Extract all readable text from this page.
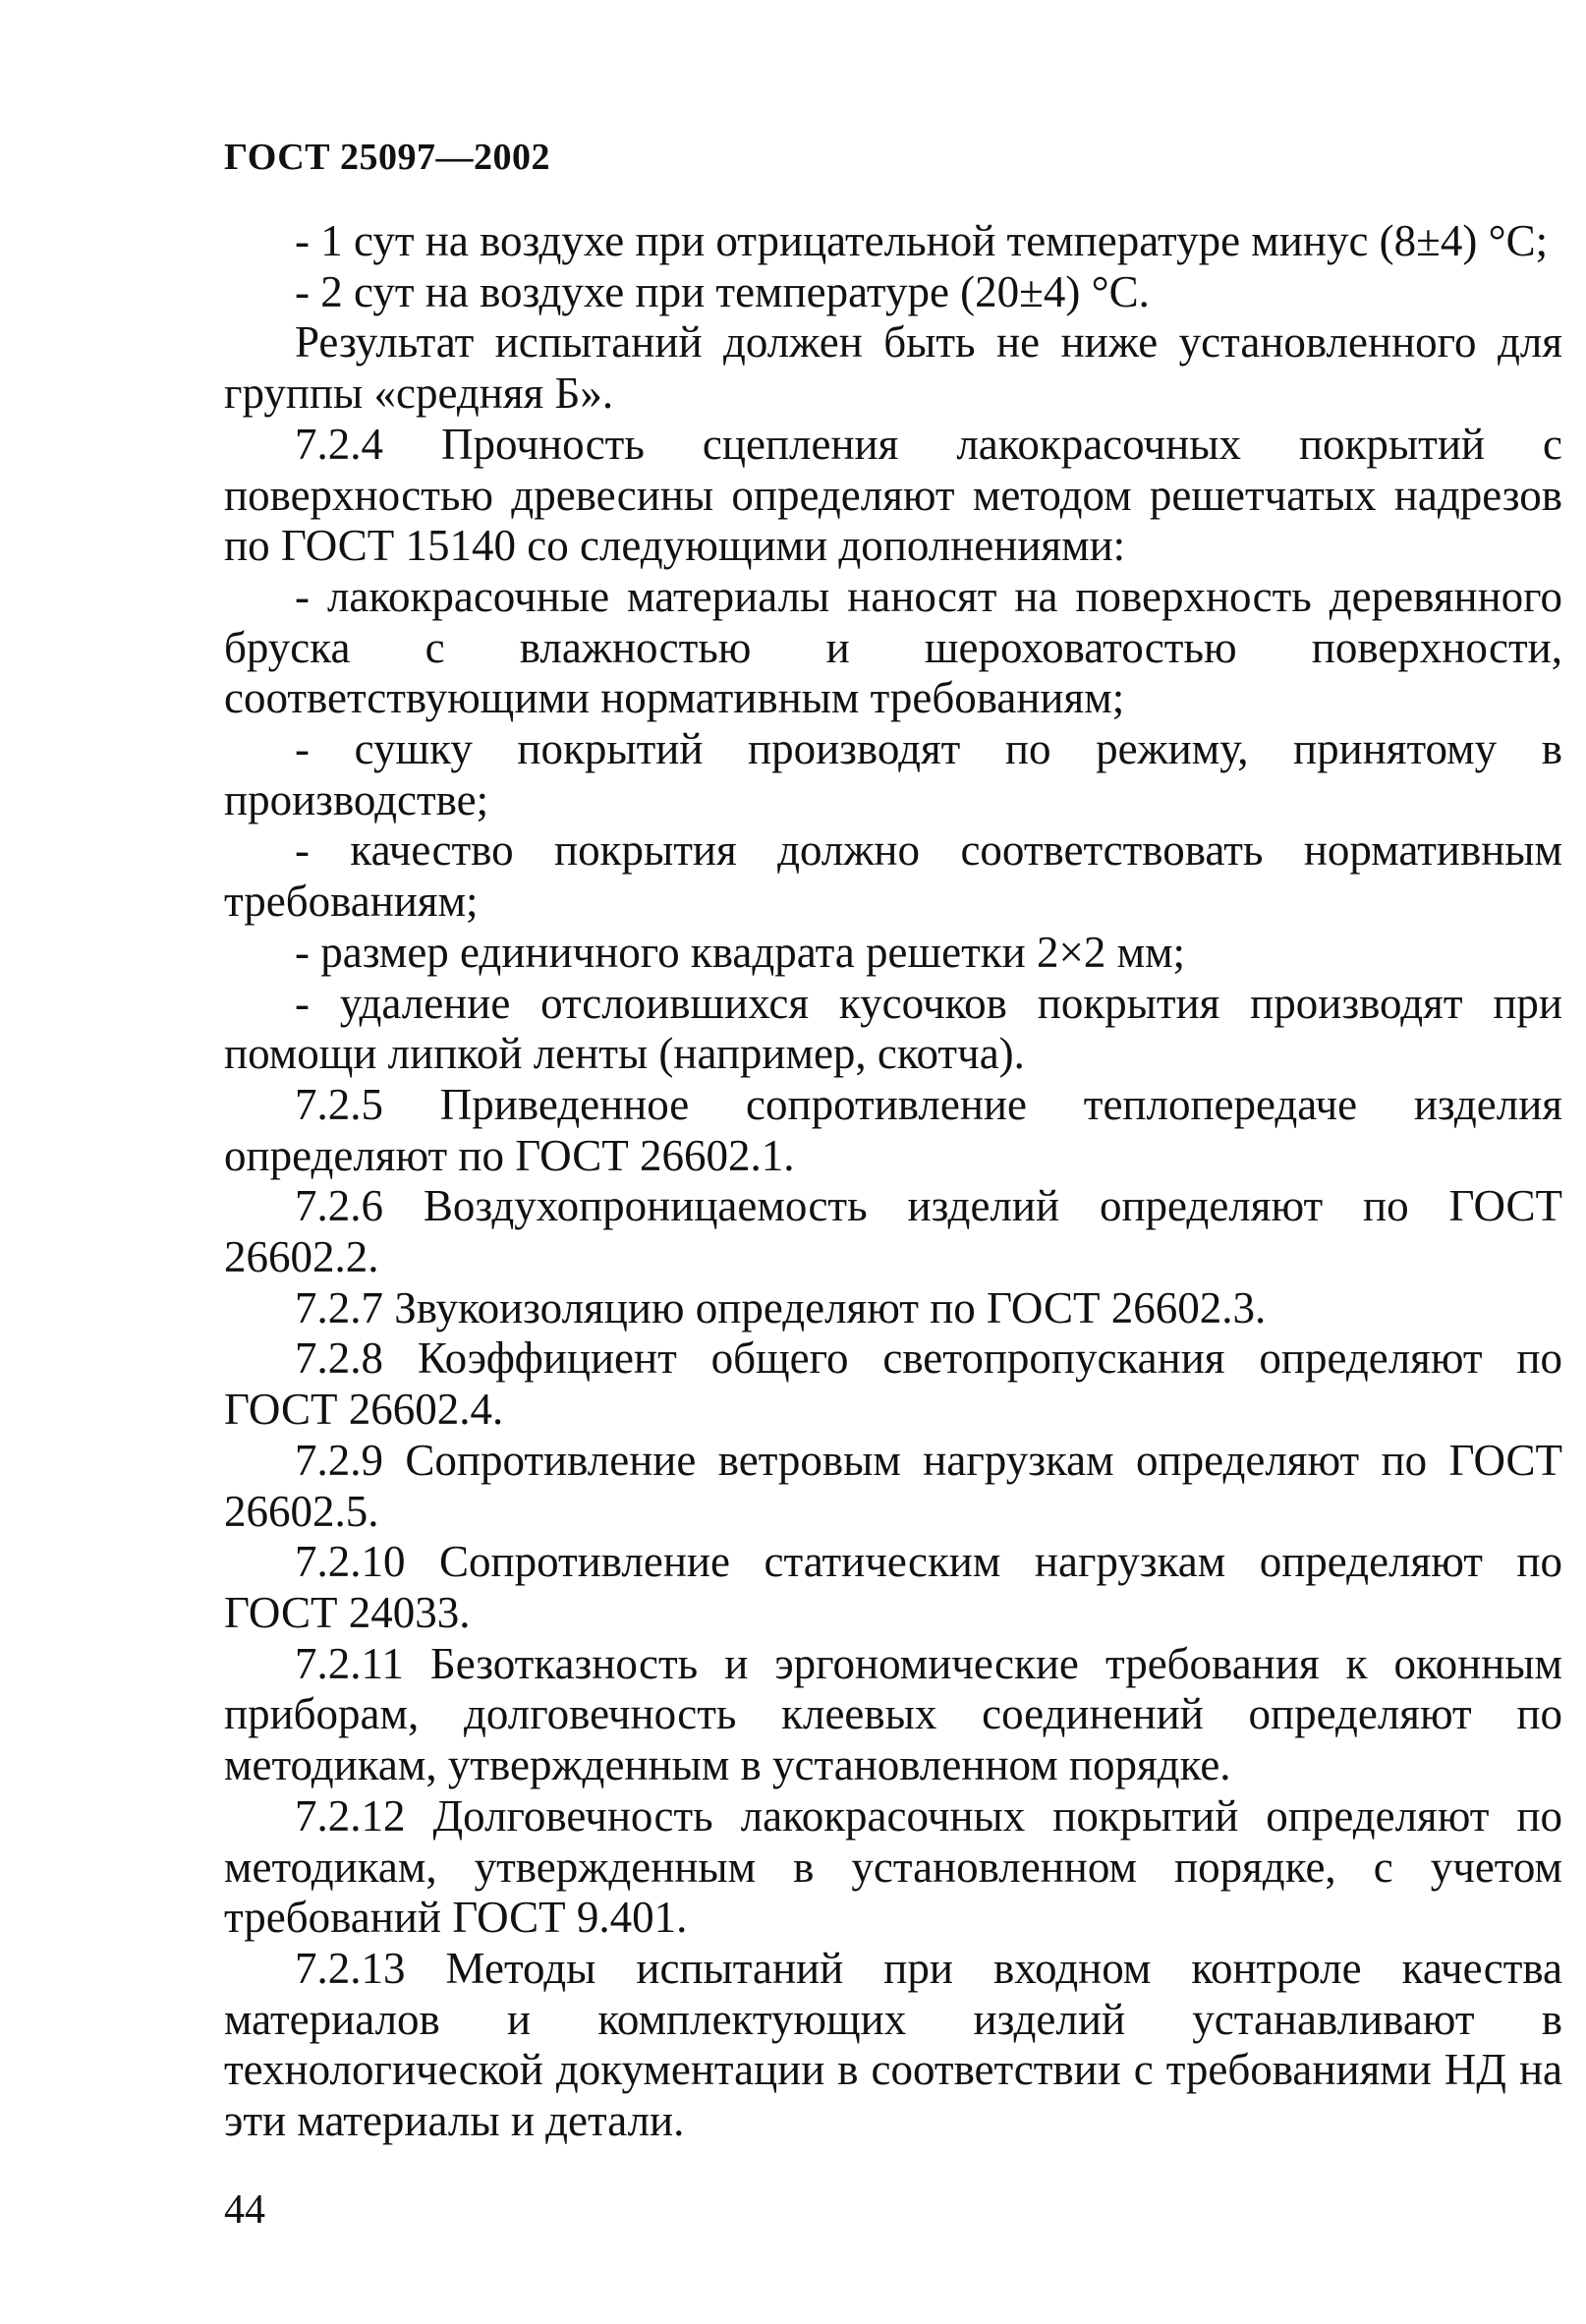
ГОСТ 25097—2002

- 1 сут на воздухе при отрицательной температуре минус (8±4) °С;

- 2 сут на воздухе при температуре (20±4) °С.

Результат испытаний должен быть не ниже установленного для группы «средняя Б».

7.2.4 Прочность сцепления лакокрасочных покрытий с поверхностью древесины определяют методом решетчатых надрезов по ГОСТ 15140 со следующими дополнениями:

- лакокрасочные материалы наносят на поверхность деревянного бруска с влажностью и шероховатостью поверхности, соответствующими нормативным требованиям;

- сушку покрытий производят по режиму, принятому в производстве;

- качество покрытия должно соответствовать нормативным требованиям;

- размер единичного квадрата решетки 2×2 мм;

- удаление отслоившихся кусочков покрытия производят при помощи липкой ленты (например, скотча).

7.2.5 Приведенное сопротивление теплопередаче изделия определяют по ГОСТ 26602.1.

7.2.6 Воздухопроницаемость изделий определяют по ГОСТ 26602.2.

7.2.7 Звукоизоляцию определяют по ГОСТ 26602.3.

7.2.8 Коэффициент общего светопропускания определяют по ГОСТ 26602.4.

7.2.9 Сопротивление ветровым нагрузкам определяют по ГОСТ 26602.5.

7.2.10 Сопротивление статическим нагрузкам определяют по ГОСТ 24033.

7.2.11 Безотказность и эргономические требования к оконным приборам, долговечность клеевых соединений определяют по методикам, утвержденным в установленном порядке.

7.2.12 Долговечность лакокрасочных покрытий определяют по методикам, утвержденным в установленном порядке, с учетом требований ГОСТ 9.401.

7.2.13 Методы испытаний при входном контроле качества материалов и комплектующих изделий устанавливают в технологической документации в соответствии с требованиями НД на эти материалы и детали.

44
